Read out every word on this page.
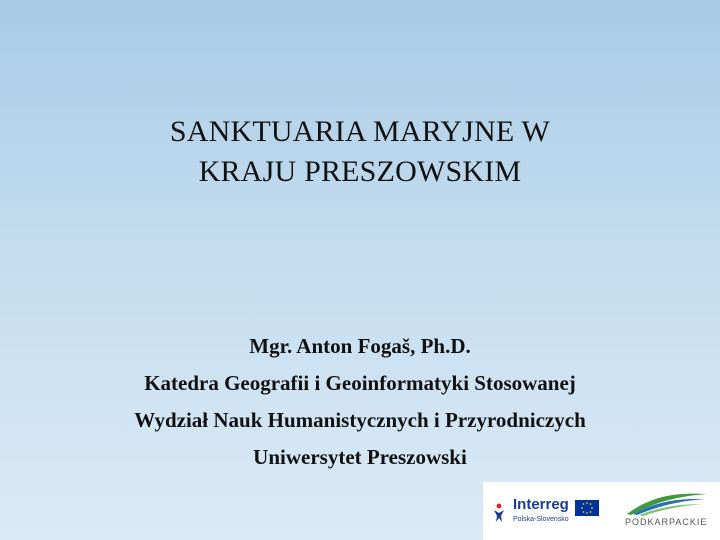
SANKTUARIA MARYJNE W
KRAJU PRESZOWSKIM
Mgr. Anton Fogaš, Ph.D.
Katedra Geografii i Geoinformatyki Stosowanej
Wydział Nauk Humanistycznych i Przyrodniczych
Uniwersytet Preszowski
Interreg
Polska-Slovensko	PODKARPACKIE
